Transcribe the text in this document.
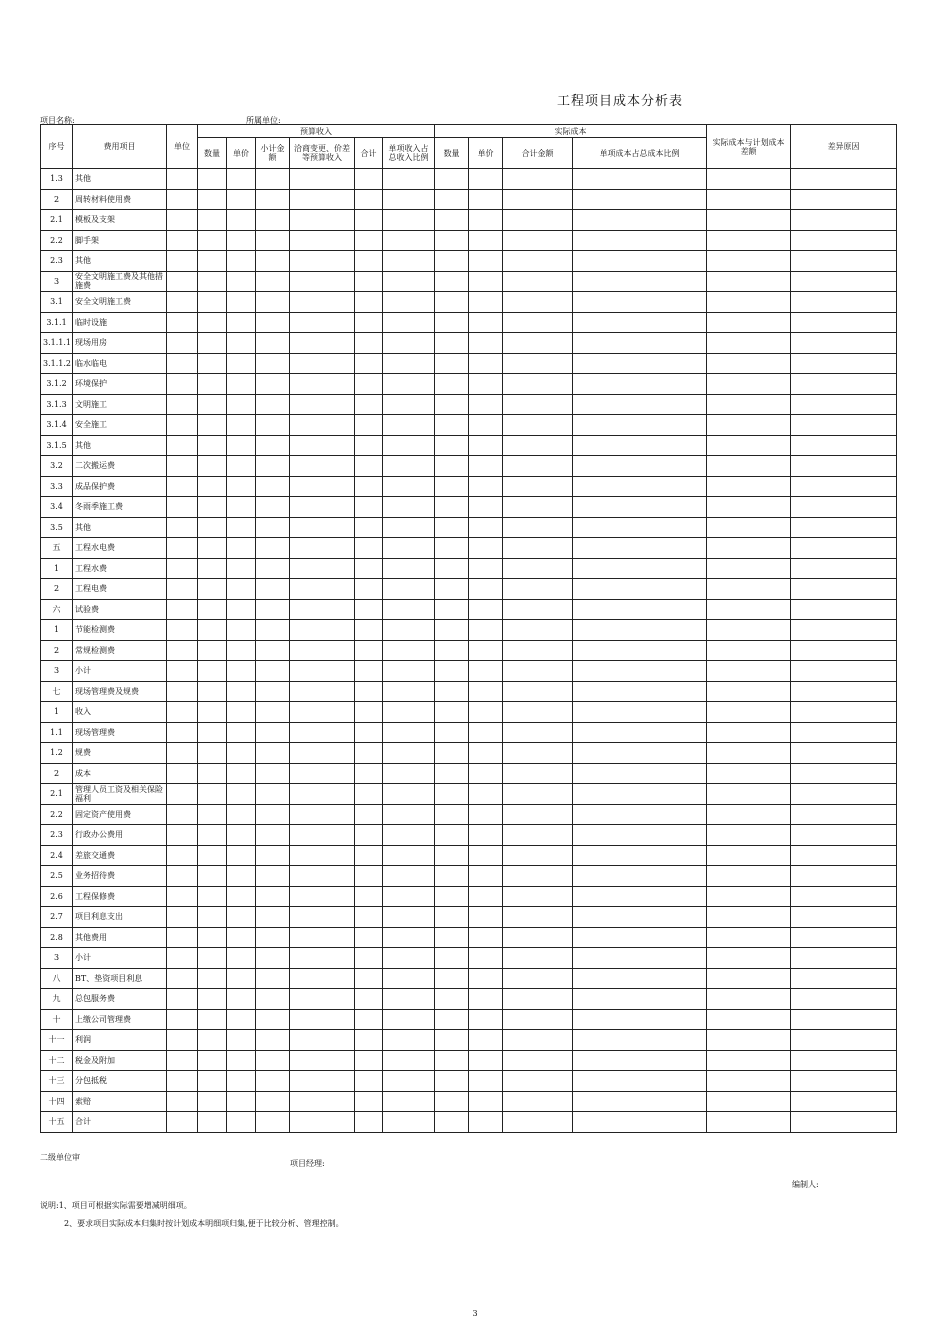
工程项目成本分析表
项目名称:	所属单位:
序号	费用项目	单位	预算收入						实际成本				实际成本与计划成本差额	差异原因
			数量	单价	小计金额	洽商变更、价差等预算收入	合计	单项收入占总收入比例	数量	单价	合计金额	单项成本占总成本比例		
1.3	其他													
2	周转材料使用费													
2.1	模板及支架													
2.2	脚手架													
2.3	其他													
3	安全文明施工费及其他措施费													
3.1	安全文明施工费													
3.1.1	临时设施													
3.1.1.1	现场用房													
3.1.1.2	临水临电													
3.1.2	环境保护													
3.1.3	文明施工													
3.1.4	安全施工													
3.1.5	其他													
3.2	二次搬运费													
3.3	成品保护费													
3.4	冬雨季施工费													
3.5	其他													
五	工程水电费													
1	工程水费													
2	工程电费													
六	试验费													
1	节能检测费													
2	常规检测费													
3	小计													
七	现场管理费及规费													
1	收入													
1.1	现场管理费													
1.2	规费													
2	成本													
2.1	管理人员工资及相关保险福利													
2.2	固定资产使用费													
2.3	行政办公费用													
2.4	差旅交通费													
2.5	业务招待费													
2.6	工程保修费													
2.7	项目利息支出													
2.8	其他费用													
3	小计													
八	BT、垫资项目利息													
九	总包服务费													
十	上缴公司管理费													
十一	利润													
十二	税金及附加													
十三	分包抵税													
十四	索赔													
十五	合计													
二级单位审
项目经理:
编制人:
说明:1、项目可根据实际需要增减明细项。
2、要求项目实际成本归集时按计划成本明细项归集,便于比较分析、管理控制。
3
